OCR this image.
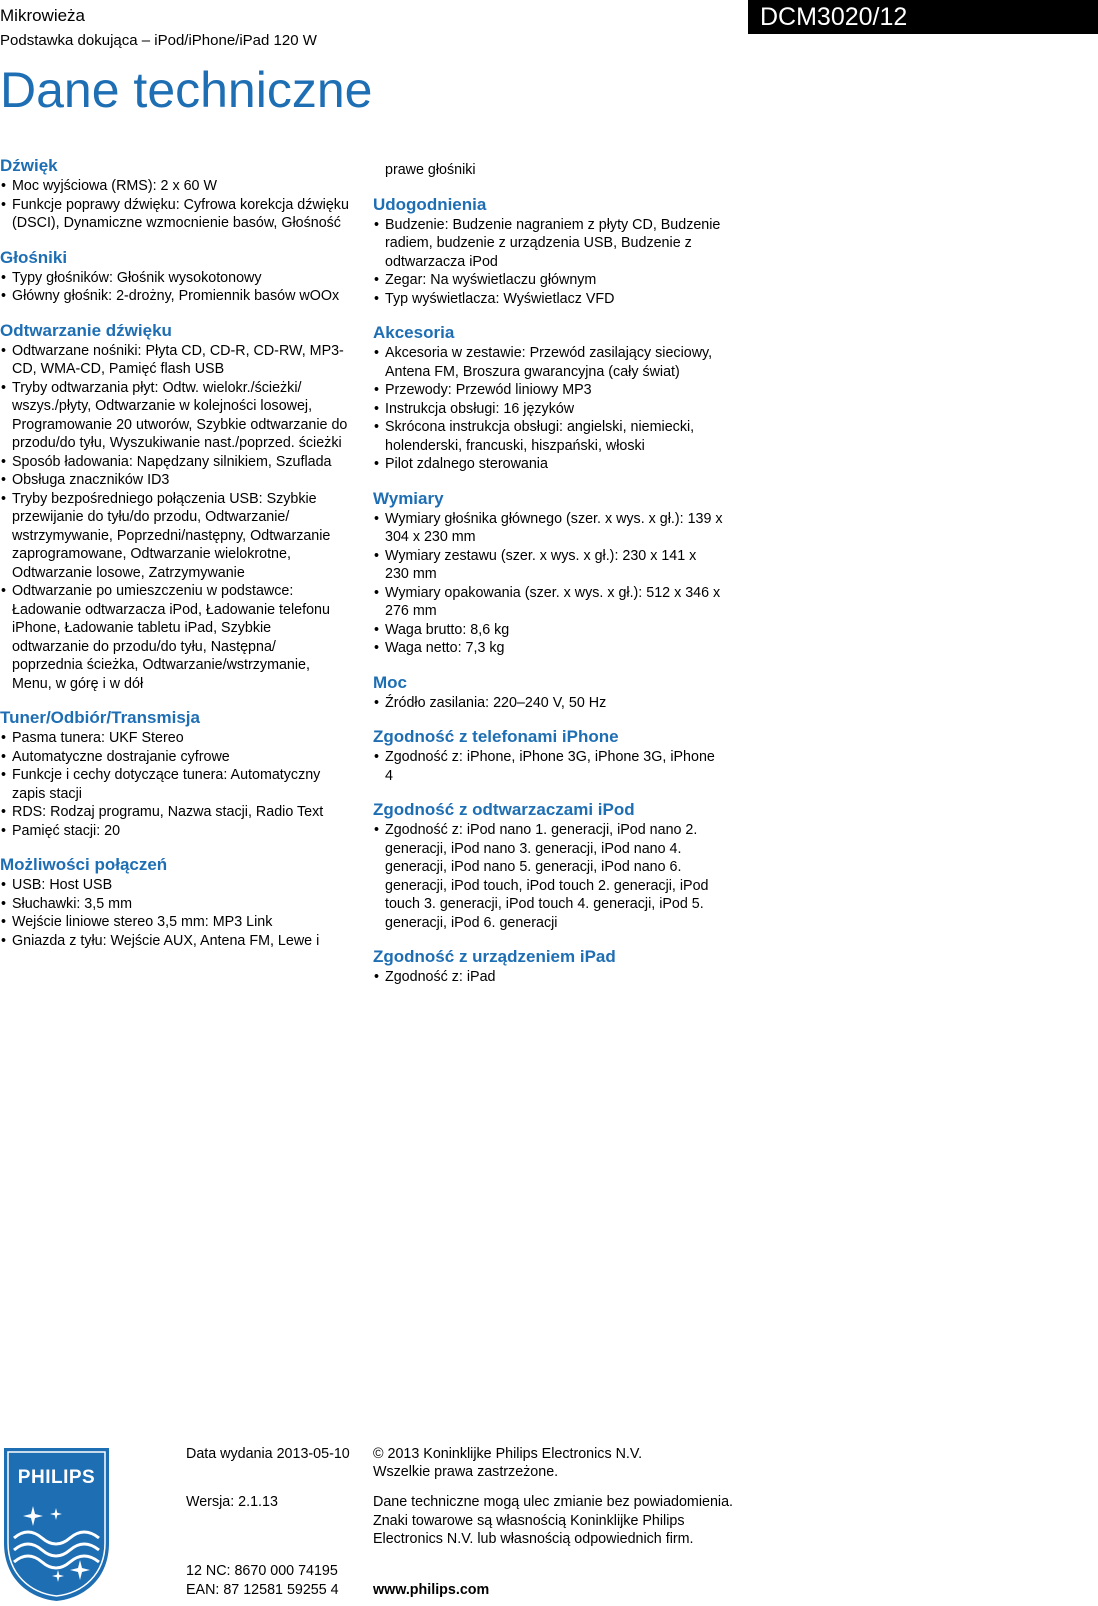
Mikrowieża
Podstawka dokująca – iPod/iPhone/iPad 120 W
DCM3020/12
Dane techniczne
Dźwięk
• Moc wyjściowa (RMS): 2 x 60 W
• Funkcje poprawy dźwięku: Cyfrowa korekcja dźwięku (DSCI), Dynamiczne wzmocnienie basów, Głośność
Głośniki
• Typy głośników: Głośnik wysokotonowy
• Główny głośnik: 2-drożny, Promiennik basów wOOx
Odtwarzanie dźwięku
• Odtwarzane nośniki: Płyta CD, CD-R, CD-RW, MP3-CD, WMA-CD, Pamięć flash USB
• Tryby odtwarzania płyt: Odtw. wielokr./ścieżki/ wszys./płyty, Odtwarzanie w kolejności losowej, Programowanie 20 utworów, Szybkie odtwarzanie do przodu/do tyłu, Wyszukiwanie nast./poprzed. ścieżki
• Sposób ładowania: Napędzany silnikiem, Szuflada
• Obsługa znaczników ID3
• Tryby bezpośredniego połączenia USB: Szybkie przewijanie do tyłu/do przodu, Odtwarzanie/ wstrzymywanie, Poprzedni/następny, Odtwarzanie zaprogramowane, Odtwarzanie wielokrotne, Odtwarzanie losowe, Zatrzymywanie
• Odtwarzanie po umieszczeniu w podstawce: Ładowanie odtwarzacza iPod, Ładowanie telefonu iPhone, Ładowanie tabletu iPad, Szybkie odtwarzanie do przodu/do tyłu, Następna/ poprzednia ścieżka, Odtwarzanie/wstrzymanie, Menu, w górę i w dół
Tuner/Odbiór/Transmisja
• Pasma tunera: UKF Stereo
• Automatyczne dostrajanie cyfrowe
• Funkcje i cechy dotyczące tunera: Automatyczny zapis stacji
• RDS: Rodzaj programu, Nazwa stacji, Radio Text
• Pamięć stacji: 20
Możliwości połączeń
• USB: Host USB
• Słuchawki: 3,5 mm
• Wejście liniowe stereo 3,5 mm: MP3 Link
• Gniazda z tyłu: Wejście AUX, Antena FM, Lewe i
prawe głośniki
Udogodnienia
• Budzenie: Budzenie nagraniem z płyty CD, Budzenie radiem, budzenie z urządzenia USB, Budzenie z odtwarzacza iPod
• Zegar: Na wyświetlaczu głównym
• Typ wyświetlacza: Wyświetlacz VFD
Akcesoria
• Akcesoria w zestawie: Przewód zasilający sieciowy, Antena FM, Broszura gwarancyjna (cały świat)
• Przewody: Przewód liniowy MP3
• Instrukcja obsługi: 16 języków
• Skrócona instrukcja obsługi: angielski, niemiecki, holenderski, francuski, hiszpański, włoski
• Pilot zdalnego sterowania
Wymiary
• Wymiary głośnika głównego (szer. x wys. x gł.): 139 x 304 x 230 mm
• Wymiary zestawu (szer. x wys. x gł.): 230 x 141 x 230 mm
• Wymiary opakowania (szer. x wys. x gł.): 512 x 346 x 276 mm
• Waga brutto: 8,6 kg
• Waga netto: 7,3 kg
Moc
• Źródło zasilania: 220–240 V, 50 Hz
Zgodność z telefonami iPhone
• Zgodność z: iPhone, iPhone 3G, iPhone 3G, iPhone 4
Zgodność z odtwarzaczami iPod
• Zgodność z: iPod nano 1. generacji, iPod nano 2. generacji, iPod nano 3. generacji, iPod nano 4. generacji, iPod nano 5. generacji, iPod nano 6. generacji, iPod touch, iPod touch 2. generacji, iPod touch 3. generacji, iPod touch 4. generacji, iPod 5. generacji, iPod 6. generacji
Zgodność z urządzeniem iPad
• Zgodność z: iPad
PHILIPS
Data wydania 2013-05-10
Wersja: 2.1.13
12 NC: 8670 000 74195
EAN: 87 12581 59255 4
© 2013 Koninklijke Philips Electronics N.V.
Wszelkie prawa zastrzeżone.
Dane techniczne mogą ulec zmianie bez powiadomienia.
Znaki towarowe są własnością Koninklijke Philips
Electronics N.V. lub własnością odpowiednich firm.
www.philips.com
